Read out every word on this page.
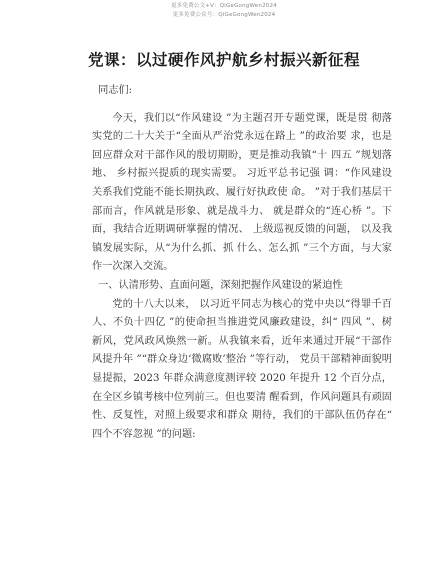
更多免费公文+V：QiGeGongWen2024
更多免费公众号：QiGeGongWen2024
党课：以过硬作风护航乡村振兴新征程

同志们:

今天，我们以“作风建设 ”为主题召开专题党课，既是贯 彻落实党的二十大关于“全面从严治党永远在路上 ”的政治要 求，也是回应群众对干部作风的殷切期盼，更是推动我镇“十 四五 ”规划落地、 乡村振兴提质的现实需要。 习近平总书记强 调：“作风建设关系我们党能不能长期执政、履行好执政使 命。 ”对于我们基层干部而言，作风就是形象、就是战斗力、 就是群众的“连心桥 ”。下面，我结合近期调研掌握的情况、 上级巡视反馈的问题， 以及我镇发展实际，从“为什么抓、抓 什么、怎么抓 ”三个方面，与大家作一次深入交流。

一、认清形势、直面问题，深刻把握作风建设的紧迫性

党的十八大以来， 以习近平同志为核心的党中央以“得罪千百人、不负十四亿 ”的使命担当推进党风廉政建设，纠“ 四风 ”、树新风，党风政风焕然一新。从我镇来看，近年来通过开展“干部作风提升年 ”“群众身边‘微腐败’整治 ”等行动， 党员干部精神面貌明显提振，2023 年群众满意度测评较 2020 年提升 12 个百分点，在全区乡镇考核中位列前三。但也要清 醒看到，作风问题具有顽固性、反复性，对照上级要求和群众 期待，我们的干部队伍仍存在“ 四个不容忽视 ”的问题:
